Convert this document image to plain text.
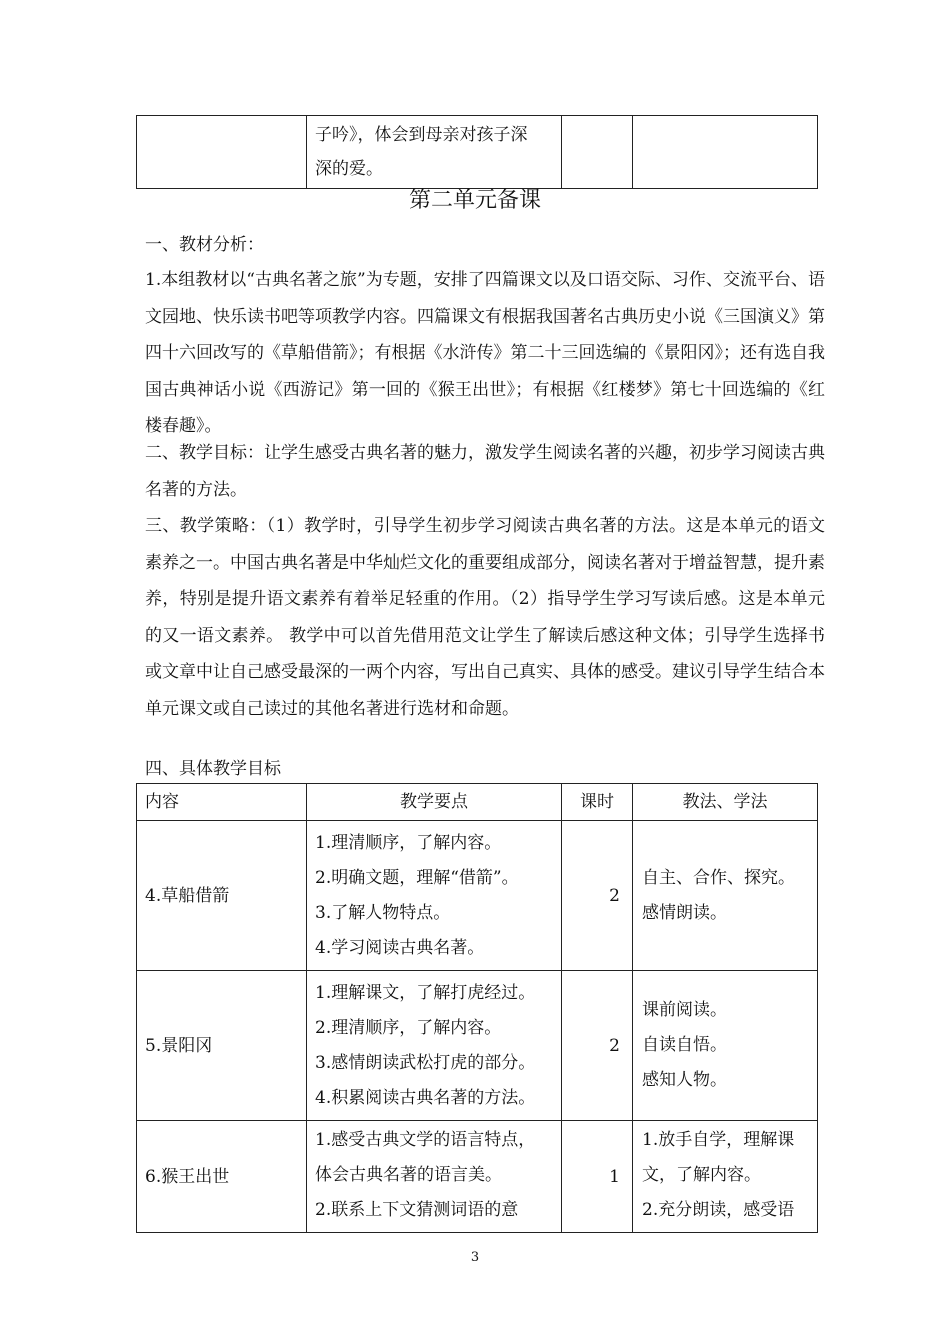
子吟》，体会到母亲对孩子深
深的爱。

第二单元备课
一、教材分析：
1.本组教材以“古典名著之旅”为专题，安排了四篇课文以及口语交际、习作、交流平台、语文园地、快乐读书吧等项教学内容。四篇课文有根据我国著名古典历史小说《三国演义》第四十六回改写的《草船借箭》；有根据《水浒传》第二十三回选编的《景阳冈》；还有选自我国古典神话小说《西游记》第一回的《猴王出世》；有根据《红楼梦》第七十回选编的《红楼春趣》。
二、教学目标：让学生感受古典名著的魅力，激发学生阅读名著的兴趣，初步学习阅读古典名著的方法。
三、教学策略：（1）教学时，引导学生初步学习阅读古典名著的方法。这是本单元的语文素养之一。中国古典名著是中华灿烂文化的重要组成部分，阅读名著对于增益智慧，提升素养，特别是提升语文素养有着举足轻重的作用。（2）指导学生学习写读后感。这是本单元的又一语文素养。 教学中可以首先借用范文让学生了解读后感这种文体；引导学生选择书或文章中让自己感受最深的一两个内容，写出自己真实、具体的感受。建议引导学生结合本单元课文或自己读过的其他名著进行选材和命题。
四、具体教学目标
内容	教学要点	课时	教法、学法
4.草船借箭	1.理清顺序，了解内容。
2.明确文题，理解“借箭”。
3.了解人物特点。
4.学习阅读古典名著。	2	自主、合作、探究。
感情朗读。

5.景阳冈	1.理解课文，了解打虎经过。
2.理清顺序，了解内容。
3.感情朗读武松打虎的部分。
4.积累阅读古典名著的方法。	2	课前阅读。
自读自悟。
感知人物。

6.猴王出世	1.感受古典文学的语言特点，
体会古典名著的语言美。
2.联系上下文猜测词语的意	1	1.放手自学，理解课
文，了解内容。
2.充分朗读，感受语
3
